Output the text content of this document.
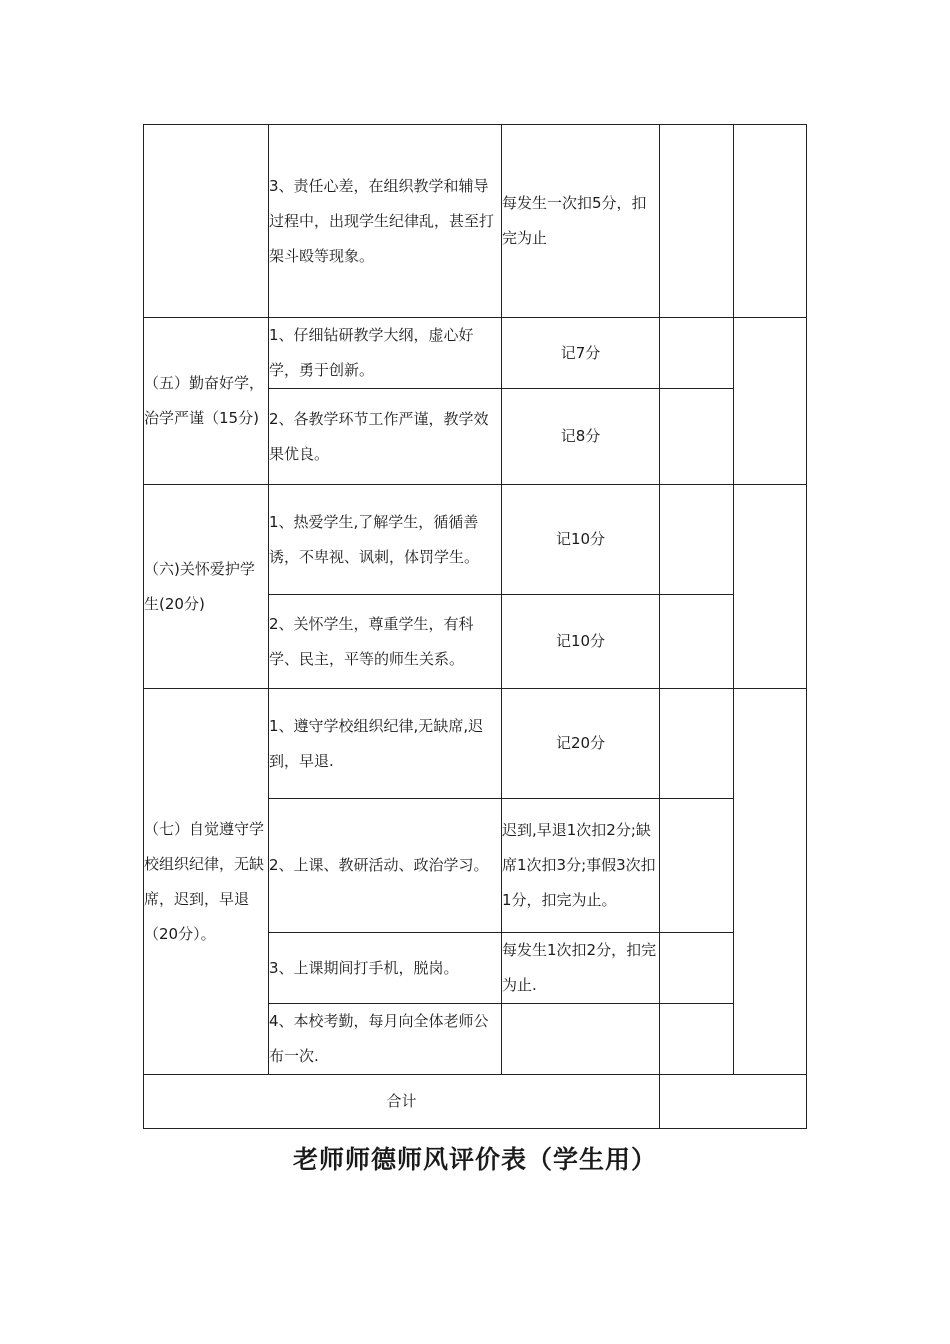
	3、责任心差，在组织教学和辅导过程中，出现学生纪律乱，甚至打架斗殴等现象。	每发生一次扣5分，扣完为止		
（五）勤奋好学，治学严谨（15分)	1、仔细钻研教学大纲，虚心好学，勇于创新。	记7分		
	2、各教学环节工作严谨，教学效果优良。	记8分		
（六)关怀爱护学生(20分)	1、热爱学生,了解学生，循循善诱，不卑视、讽刺，体罚学生。	记10分		
	2、关怀学生，尊重学生，有科学、民主，平等的师生关系。	记10分		
（七）自觉遵守学校组织纪律，无缺席，迟到，早退（20分）。	1、遵守学校组织纪律,无缺席,迟到，早退.	记20分		
	2、上课、教研活动、政治学习。	迟到,早退1次扣2分;缺席1次扣3分;事假3次扣1分，扣完为止。		
	3、上课期间打手机，脱岗。	每发生1次扣2分，扣完为止.		
	4、本校考勤，每月向全体老师公布一次.			
合计				
老师师德师风评价表（学生用）
